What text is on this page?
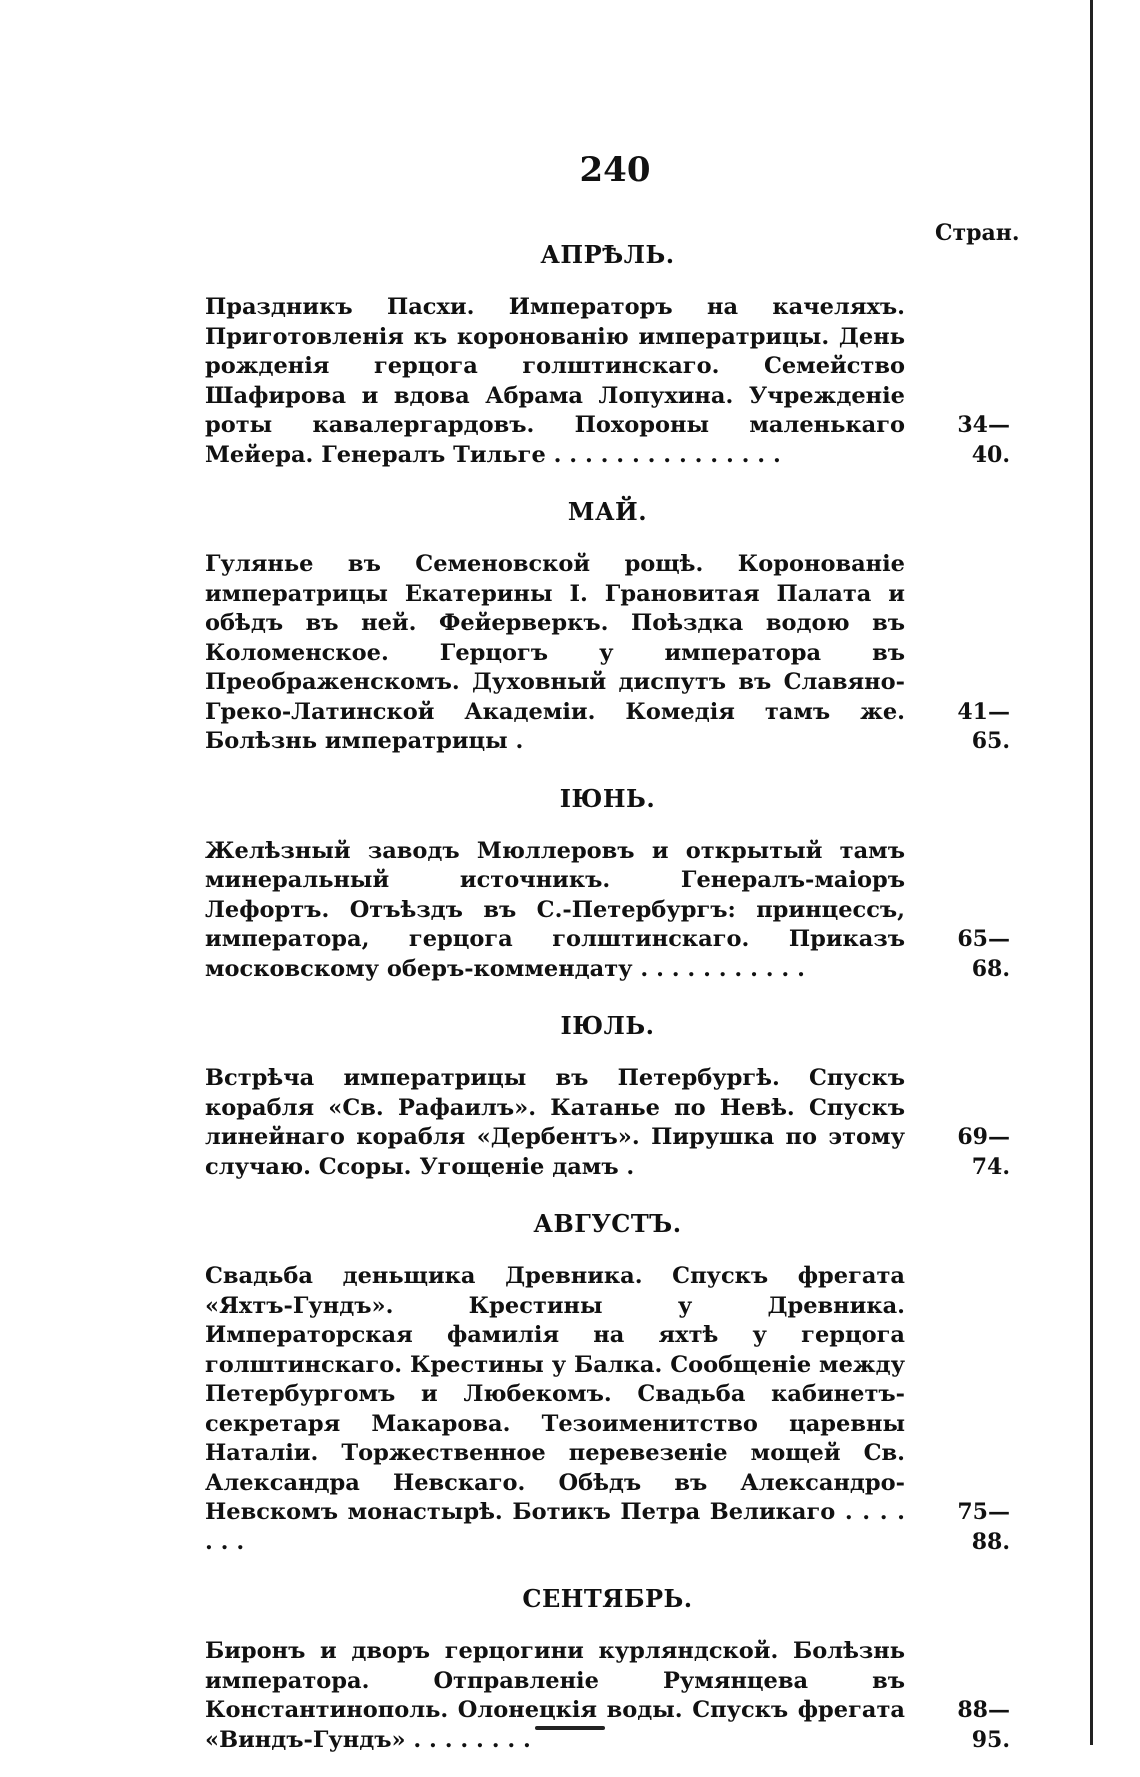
240
Стран.
АПРѢЛЬ.
Праздникъ Пасхи. Императоръ на качеляхъ. Приготовленія къ коронованію императрицы. День рожденія герцога голштинскаго. Семейство Шафирова и вдова Абрама Лопухина. Учрежденіе роты кавалергардовъ. Похороны маленькаго Мейера. Генералъ Тильге . . . . . . . . . . . . . . .
34—40.
МАЙ.
Гулянье въ Семеновской рощѣ. Коронованіе императрицы Екатерины I. Грановитая Палата и обѣдъ въ ней. Фейерверкъ. Поѣздка водою въ Коломенское. Герцогъ у императора въ Преображенскомъ. Духовный диспутъ въ Славяно-Греко-Латинской Академіи. Комедія тамъ же. Болѣзнь императрицы .
41—65.
ІЮНЬ.
Желѣзный заводъ Мюллеровъ и открытый тамъ минеральный источникъ. Генералъ-маіоръ Лефортъ. Отъѣздъ въ С.-Петербургъ: принцессъ, императора, герцога голштинскаго. Приказъ московскому оберъ-коммендату . . . . . . . . . . .
65—68.
ІЮЛЬ.
Встрѣча императрицы въ Петербургѣ. Спускъ корабля «Св. Рафаилъ». Катанье по Невѣ. Спускъ линейнаго корабля «Дербентъ». Пирушка по этому случаю. Ссоры. Угощеніе дамъ .
69—74.
АВГУСТЪ.
Свадьба деньщика Древника. Спускъ фрегата «Яхтъ-Гундъ». Крестины у Древника. Императорская фамилія на яхтѣ у герцога голштинскаго. Крестины у Балка. Сообщеніе между Петербургомъ и Любекомъ. Свадьба кабинетъ-секретаря Макарова. Тезоименитство царевны Наталіи. Торжественное перевезеніе мощей Св. Александра Невскаго. Обѣдъ въ Александро-Невскомъ монастырѣ. Ботикъ Петра Великаго . . . . . . .
75—88.
СЕНТЯБРЬ.
Биронъ и дворъ герцогини курляндской. Болѣзнь императора. Отправленіе Румянцева въ Константинополь. Олонецкія воды. Спускъ фрегата «Виндъ-Гундъ» . . . . . . . .
88—95.
